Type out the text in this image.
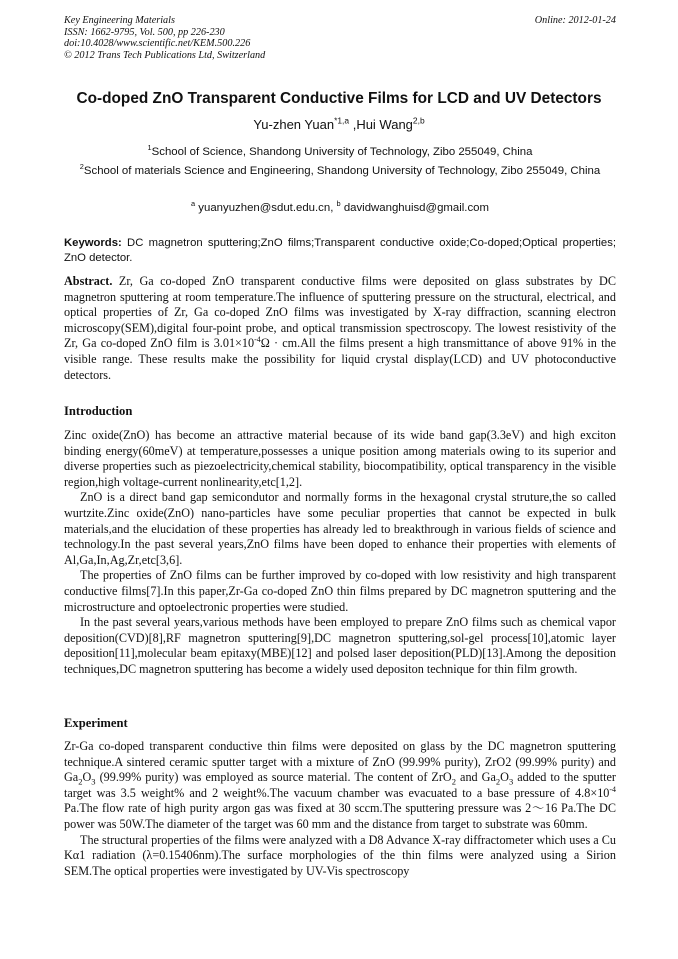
Key Engineering Materials
ISSN: 1662-9795, Vol. 500, pp 226-230
doi:10.4028/www.scientific.net/KEM.500.226
© 2012 Trans Tech Publications Ltd, Switzerland
Online: 2012-01-24
Co-doped ZnO Transparent Conductive Films for LCD and UV Detectors
Yu-zhen Yuan$^{*1,a}$ ,Hui Wang$^{2,b}$
$^1$School of Science, Shandong University of Technology, Zibo 255049, China
$^2$School of materials Science and Engineering, Shandong University of Technology, Zibo 255049, China
$^a$ yuanyuzhen@sdut.edu.cn, $^b$ davidwanghuisd@gmail.com
Keywords: DC magnetron sputtering;ZnO films;Transparent conductive oxide;Co-doped;Optical properties; ZnO detector.

Abstract. Zr, Ga co-doped ZnO transparent conductive films were deposited on glass substrates by DC magnetron sputtering at room temperature.The influence of sputtering pressure on the structural, electrical, and optical properties of Zr, Ga co-doped ZnO films was investigated by X-ray diffraction, scanning electron microscopy(SEM),digital four-point probe, and optical transmission spectroscopy. The lowest resistivity of the Zr, Ga co-doped ZnO film is $3.01\times 10^{-4}\Omega \cdot cm.All$ the films present a high transmittance of above 91% in the visible range. These results make the possibility for liquid crystal display(LCD) and UV photoconductive detectors.

Introduction

Zinc oxide(ZnO) has become an attractive material because of its wide band gap(3.3eV) and high exciton binding energy(60meV) at temperature,possesses a unique position among materials owing to its superior and diverse properties such as piezoelectricity,chemical stability, biocompatibility, optical transparency in the visible region,high voltage-current nonlinearity,etc[1,2].

ZnO is a direct band gap semicondutor and normally forms in the hexagonal crystal struture,the so called wurtzite.Zinc oxide(ZnO) nano-particles have some peculiar properties that cannot be expected in bulk materials,and the elucidation of these properties has already led to breakthrough in various fields of science and technology.In the past several years,ZnO films have been doped to enhance their properties with elements of Al,Ga,In,Ag,Zr,etc[3,6].

The properties of ZnO films can be further improved by co-doped with low resistivity and high transparent conductive films[7].In this paper,Zr-Ga co-doped ZnO thin films prepared by DC magnetron sputtering and the microstructure and optoelectronic properties were studied.

In the past several years,various methods have been employed to prepare ZnO films such as chemical vapor deposition(CVD)[8],RF magnetron sputtering[9],DC magnetron sputtering,sol-gel process[10],atomic layer deposition[11],molecular beam epitaxy(MBE)[12] and polsed laser deposition(PLD)[13].Among the deposition techniques,DC magnetron sputtering has become a widely used depositon technique for thin film growth.

Experiment

Zr-Ga co-doped transparent conductive thin films were deposited on glass by the DC magnetron sputtering technique.A sintered ceramic sputter target with a mixture of ZnO (99.99% purity), ZrO2 (99.99% purity) and $Ga_2O_3$ (99.99% purity) was employed as source material. The content of ZrO$_2$ and $Ga_2O_3$ added to the sputter target was 3.5 weight% and 2 weight%.The vacuum chamber was evacuated to a base pressure of $4.8\times 10^{-4}$ Pa.The flow rate of high purity argon gas was fixed at 30 sccm.The sputtering pressure was 2～16 Pa.The DC power was 50W.The diameter of the target was 60 mm and the distance from target to substrate was 60mm.

The structural properties of the films were analyzed with a D8 Advance X-ray diffractometer which uses a Cu Kα1 radiation (λ=0.15406nm).The surface morphologies of the thin films were analyzed using a Sirion SEM.The optical properties were investigated by UV-Vis spectroscopy
